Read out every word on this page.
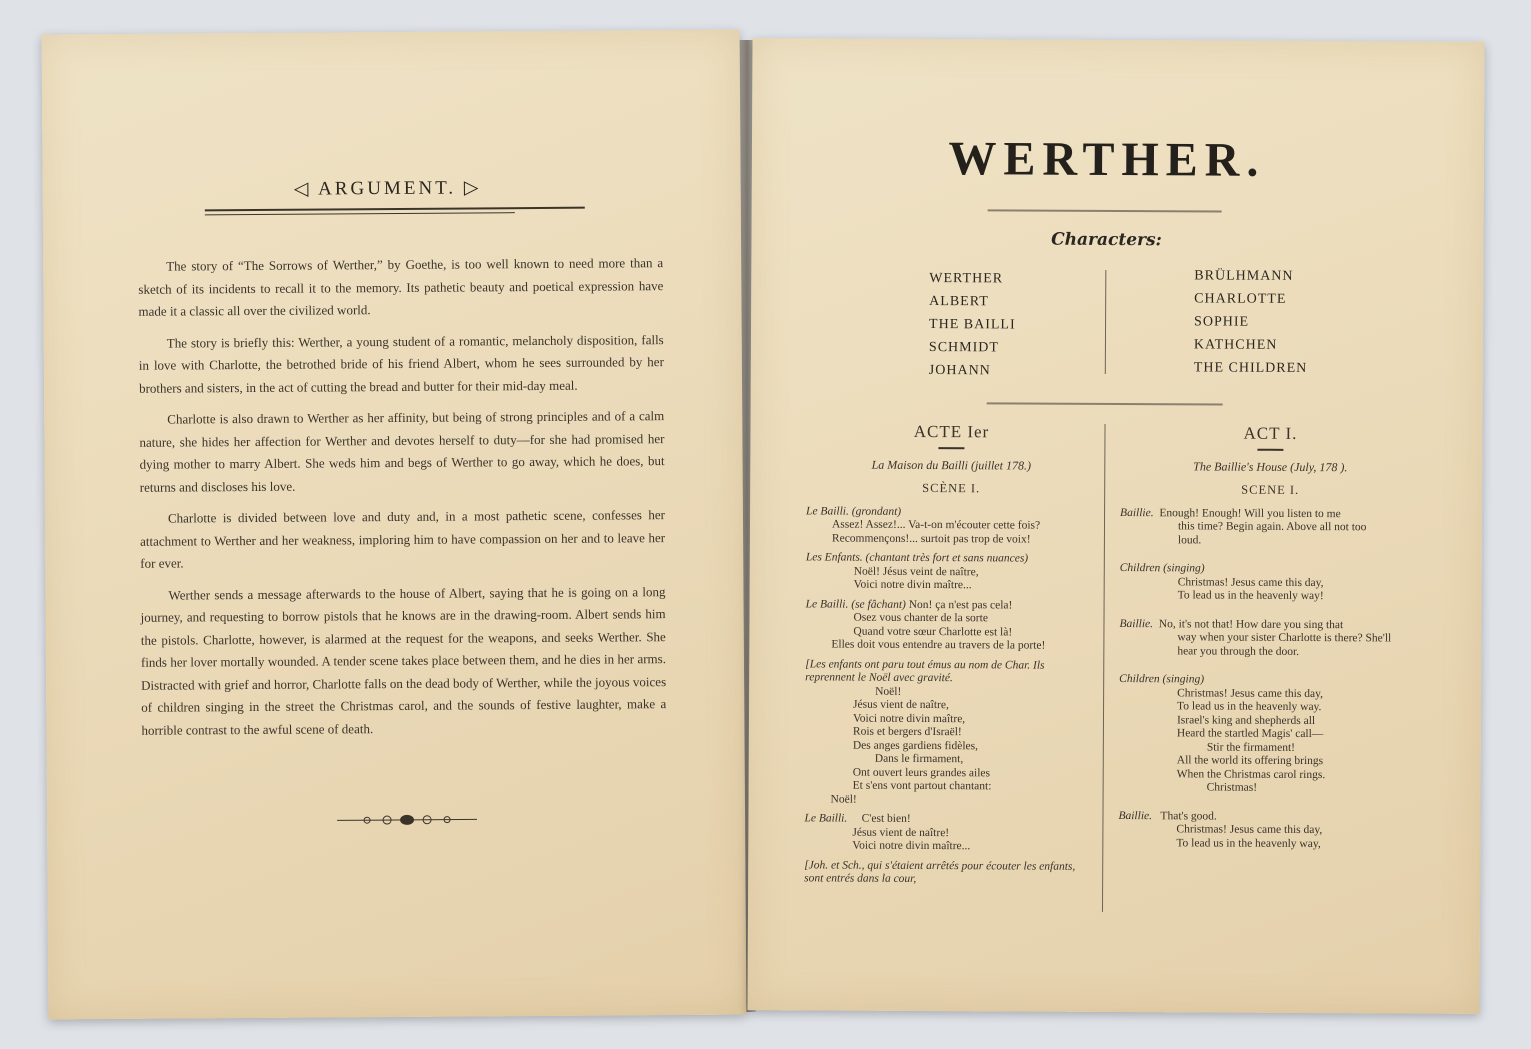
◁ ARGUMENT. ▷

The story of “The Sorrows of Werther,” by Goethe, is too well known to need more than a sketch of its incidents to recall it to the memory. Its pathetic beauty and poetical expression have made it a classic all over the civilized world.

The story is briefly this: Werther, a young student of a romantic, melancholy disposition, falls in love with Charlotte, the betrothed bride of his friend Albert, whom he sees surrounded by her brothers and sisters, in the act of cutting the bread and butter for their mid-day meal.

Charlotte is also drawn to Werther as her affinity, but being of strong principles and of a calm nature, she hides her affection for Werther and devotes herself to duty—for she had promised her dying mother to marry Albert. She weds him and begs of Werther to go away, which he does, but returns and discloses his love.

Charlotte is divided between love and duty and, in a most pathetic scene, confesses her attachment to Werther and her weakness, imploring him to have compassion on her and to leave her for ever.

Werther sends a message afterwards to the house of Albert, saying that he is going on a long journey, and requesting to borrow pistols that he knows are in the drawing-room. Albert sends him the pistols. Charlotte, however, is alarmed at the request for the weapons, and seeks Werther. She finds her lover mortally wounded. A tender scene takes place between them, and he dies in her arms. Distracted with grief and horror, Charlotte falls on the dead body of Werther, while the joyous voices of children singing in the street the Christmas carol, and the sounds of festive laughter, make a horrible contrast to the awful scene of death.

WERTHER.
Characters:
WERTHER
ALBERT
THE BAILLI
SCHMIDT
JOHANN
BRÜLHMANN
CHARLOTTE
SOPHIE
KATHCHEN
THE CHILDREN
ACTE Ier
La Maison du Bailli (juillet 178.)
SCÈNE I.
Le Bailli. (grondant)
Assez! Assez!... Va-t-on m'écouter cette fois?
Recommençons!... surtoit pas trop de voix!
Les Enfants. (chantant très fort et sans nuances)
Noël! Jésus veint de naître,
Voici notre divin maître...
Le Bailli. (se fâchant) Non! ça n'est pas cela!
Osez vous chanter de la sorte
Quand votre sœur Charlotte est là!
Elles doit vous entendre au travers de la porte!
[Les enfants ont paru tout émus au nom de Char. Ils reprennent le Noël avec gravité.
Noël!
Jésus vient de naître,
Voici notre divin maître,
Rois et bergers d'Israël!
Des anges gardiens fidèles,
Dans le firmament,
Ont ouvert leurs grandes ailes
Et s'ens vont partout chantant:
Noël!
Le Bailli. C'est bien!
Jésus vient de naître!
Voici notre divin maître...
[Joh. et Sch., qui s'étaient arrêtés pour écouter les enfants, sont entrés dans la cour,
ACT I.
The Baillie's House (July, 178 ).
SCENE I.
Baillie. Enough! Enough! Will you listen to me
this time? Begin again. Above all not too
loud.
Children (singing)
Christmas! Jesus came this day,
To lead us in the heavenly way!
Baillie. No, it's not that! How dare you sing that
way when your sister Charlotte is there? She'll
hear you through the door.
Children (singing)
Christmas! Jesus came this day,
To lead us in the heavenly way.
Israel's king and shepherds all
Heard the startled Magis' call—
Stir the firmament!
All the world its offering brings
When the Christmas carol rings.
Christmas!
Baillie. That's good.
Christmas! Jesus came this day,
To lead us in the heavenly way,
